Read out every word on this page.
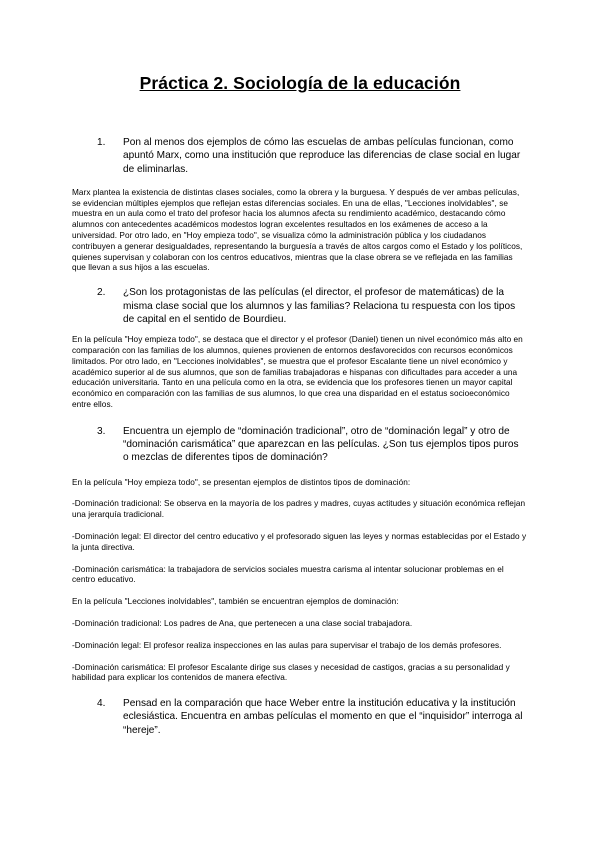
Práctica 2. Sociología de la educación
1. Pon al menos dos ejemplos de cómo las escuelas de ambas películas funcionan, como apuntó Marx, como una institución que reproduce las diferencias de clase social en lugar de eliminarlas.

Marx plantea la existencia de distintas clases sociales, como la obrera y la burguesa. Y después de ver ambas películas, se evidencian múltiples ejemplos que reflejan estas diferencias sociales. En una de ellas, "Lecciones inolvidables", se muestra en un aula como el trato del profesor hacia los alumnos afecta su rendimiento académico, destacando cómo alumnos con antecedentes académicos modestos logran excelentes resultados en los exámenes de acceso a la universidad. Por otro lado, en "Hoy empieza todo", se visualiza cómo la administración pública y los ciudadanos contribuyen a generar desigualdades, representando la burguesía a través de altos cargos como el Estado y los políticos, quienes supervisan y colaboran con los centros educativos, mientras que la clase obrera se ve reflejada en las familias que llevan a sus hijos a las escuelas.

2. ¿Son los protagonistas de las películas (el director, el profesor de matemáticas) de la misma clase social que los alumnos y las familias? Relaciona tu respuesta con los tipos de capital en el sentido de Bourdieu.

En la película "Hoy empieza todo", se destaca que el director y el profesor (Daniel) tienen un nivel económico más alto en comparación con las familias de los alumnos, quienes provienen de entornos desfavorecidos con recursos económicos limitados. Por otro lado, en "Lecciones inolvidables", se muestra que el profesor Escalante tiene un nivel económico y académico superior al de sus alumnos, que son de familias trabajadoras e hispanas con dificultades para acceder a una educación universitaria. Tanto en una película como en la otra, se evidencia que los profesores tienen un mayor capital económico en comparación con las familias de sus alumnos, lo que crea una disparidad en el estatus socioeconómico entre ellos.

3. Encuentra un ejemplo de “dominación tradicional”, otro de “dominación legal” y otro de “dominación carismática” que aparezcan en las películas. ¿Son tus ejemplos tipos puros o mezclas de diferentes tipos de dominación?

En la película "Hoy empieza todo", se presentan ejemplos de distintos tipos de dominación:

-Dominación tradicional: Se observa en la mayoría de los padres y madres, cuyas actitudes y situación económica reflejan una jerarquía tradicional.

-Dominación legal: El director del centro educativo y el profesorado siguen las leyes y normas establecidas por el Estado y la junta directiva.

-Dominación carismática: la trabajadora de servicios sociales muestra carisma al intentar solucionar problemas en el centro educativo.

En la película "Lecciones inolvidables", también se encuentran ejemplos de dominación:

-Dominación tradicional: Los padres de Ana, que pertenecen a una clase social trabajadora.

-Dominación legal: El profesor realiza inspecciones en las aulas para supervisar el trabajo de los demás profesores.

-Dominación carismática: El profesor Escalante dirige sus clases y necesidad de castigos, gracias a su personalidad y habilidad para explicar los contenidos de manera efectiva.

4. Pensad en la comparación que hace Weber entre la institución educativa y la institución eclesiástica. Encuentra en ambas películas el momento en que el “inquisidor” interroga al “hereje”.
